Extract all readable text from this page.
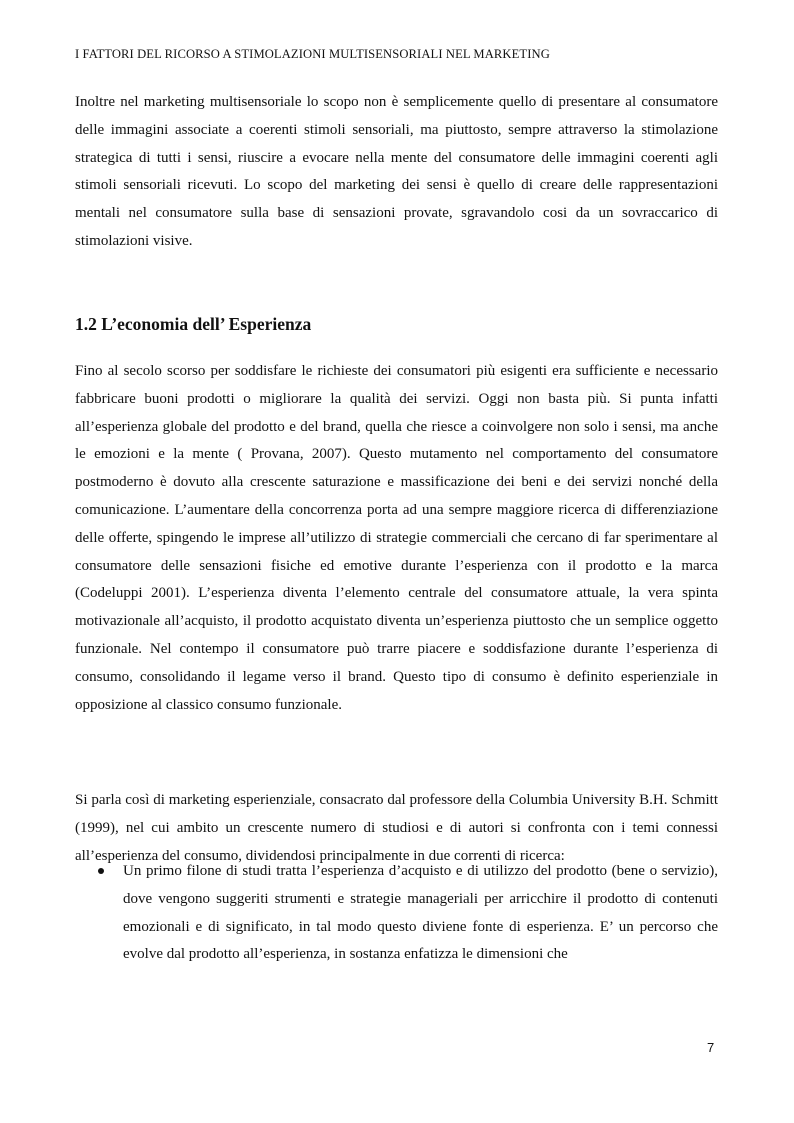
I FATTORI DEL RICORSO A STIMOLAZIONI MULTISENSORIALI NEL MARKETING

Inoltre nel marketing multisensoriale lo scopo non è semplicemente quello di presentare al consumatore delle immagini associate a coerenti stimoli sensoriali, ma piuttosto, sempre attraverso la stimolazione strategica di tutti i sensi, riuscire a evocare nella mente del consumatore delle immagini coerenti agli stimoli sensoriali ricevuti. Lo scopo del marketing dei sensi è quello di creare delle rappresentazioni mentali nel consumatore sulla base di sensazioni provate, sgravandolo cosi da un sovraccarico di stimolazioni visive.

1.2 L’economia dell’ Esperienza

Fino al secolo scorso per soddisfare le richieste dei consumatori più esigenti era sufficiente e necessario fabbricare buoni prodotti o migliorare la qualità dei servizi. Oggi non basta più. Si punta infatti all’esperienza globale del prodotto e del brand, quella che riesce a coinvolgere non solo i sensi, ma anche le emozioni e la mente ( Provana, 2007). Questo mutamento nel comportamento del consumatore postmoderno è dovuto alla crescente saturazione e massificazione dei beni e dei servizi nonché della comunicazione. L’aumentare della concorrenza porta ad una sempre maggiore ricerca di differenziazione delle offerte, spingendo le imprese all’utilizzo di strategie commerciali che cercano di far sperimentare al consumatore delle sensazioni fisiche ed emotive durante l’esperienza con il prodotto e la marca (Codeluppi 2001). L’esperienza diventa l’elemento centrale del consumatore attuale, la vera spinta motivazionale all’acquisto, il prodotto acquistato diventa un’esperienza piuttosto che un semplice oggetto funzionale. Nel contempo il consumatore può trarre piacere e soddisfazione durante l’esperienza di consumo, consolidando il legame verso il brand. Questo tipo di consumo è definito esperienziale in opposizione al classico consumo funzionale.

Si parla così di marketing esperienziale, consacrato dal professore della Columbia University B.H. Schmitt (1999), nel cui ambito un crescente numero di studiosi e di autori si confronta con i temi connessi all’esperienza del consumo, dividendosi principalmente in due correnti di ricerca:

Un primo filone di studi tratta l’esperienza d’acquisto e di utilizzo del prodotto (bene o servizio), dove vengono suggeriti strumenti e strategie manageriali per arricchire il prodotto di contenuti emozionali e di significato, in tal modo questo diviene fonte di esperienza. E’ un percorso che evolve dal prodotto all’esperienza, in sostanza enfatizza le dimensioni che

7
